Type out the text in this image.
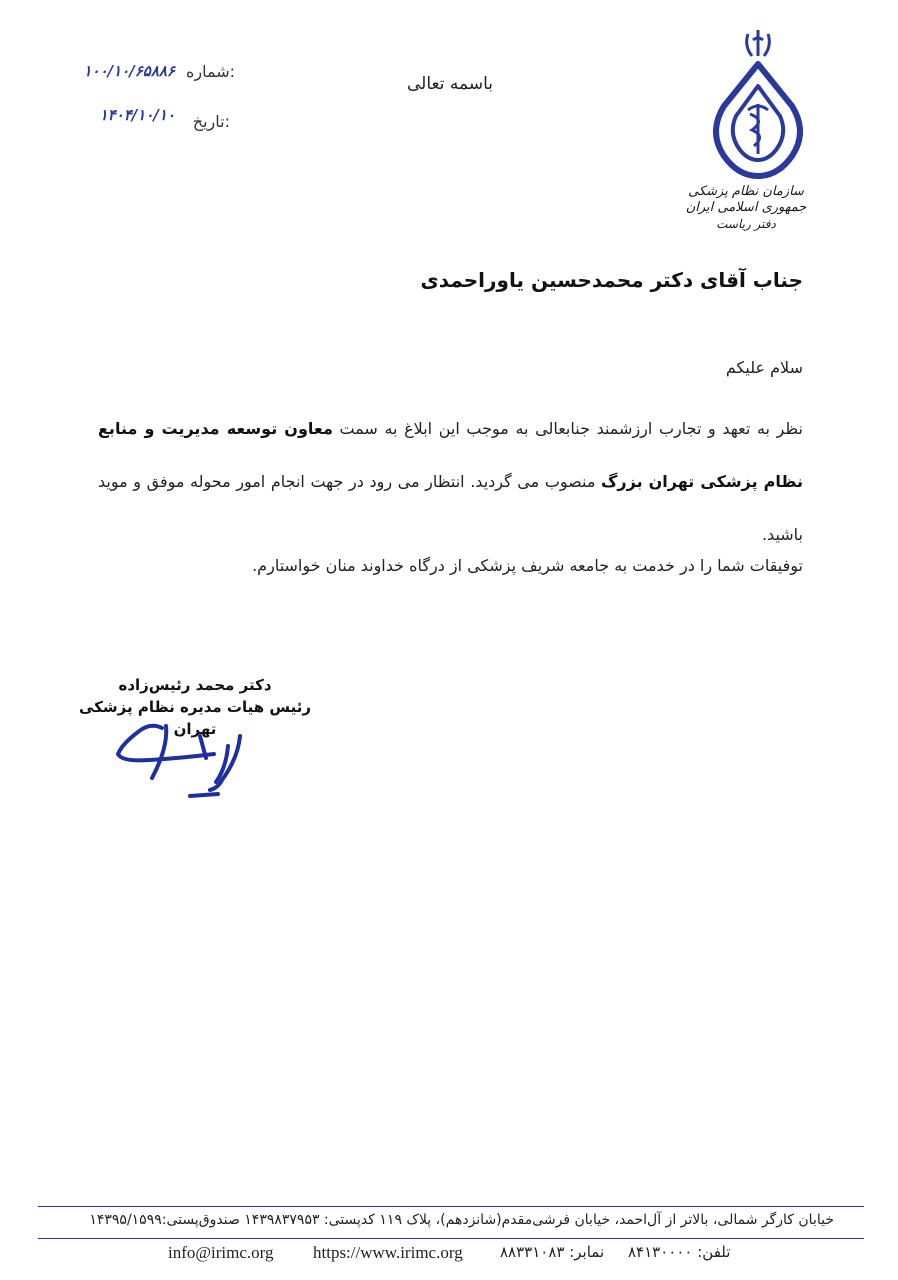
سازمان نظام پزشکی جمهوری اسلامی ایران
دفتر ریاست
باسمه تعالی
شماره:
۱۰۰/۱۰/۶۵۸۸۶
تاریخ:
۱۴۰۴/۱۰/۱۰
جناب آقای دکتر محمدحسین یاوراحمدی
سلام علیکم
نظر به تعهد و تجارب ارزشمند جنابعالی به موجب این ابلاغ به سمت معاون توسعه مدیریت و منابع نظام پزشکی تهران بزرگ منصوب می گردید. انتظار می رود در جهت انجام امور محوله موفق و موید باشید.
توفیقات شما را در خدمت به جامعه شریف پزشکی از درگاه خداوند منان خواستارم.
دکتر محمد رئیس‌زاده
رئیس هیات مدیره نظام پزشکی تهران
خیابان کارگر شمالی، بالاتر از آل‌احمد، خیابان فرشی‌مقدم(شانزدهم)، پلاک ۱۱۹ کدپستی: ۱۴۳۹۸۳۷۹۵۳ صندوق‌پستی:۱۴۳۹۵/۱۵۹۹
info@irimc.org https://www.irimc.org نمابر: ۸۸۳۳۱۰۸۳ تلفن: ۸۴۱۳۰۰۰۰
